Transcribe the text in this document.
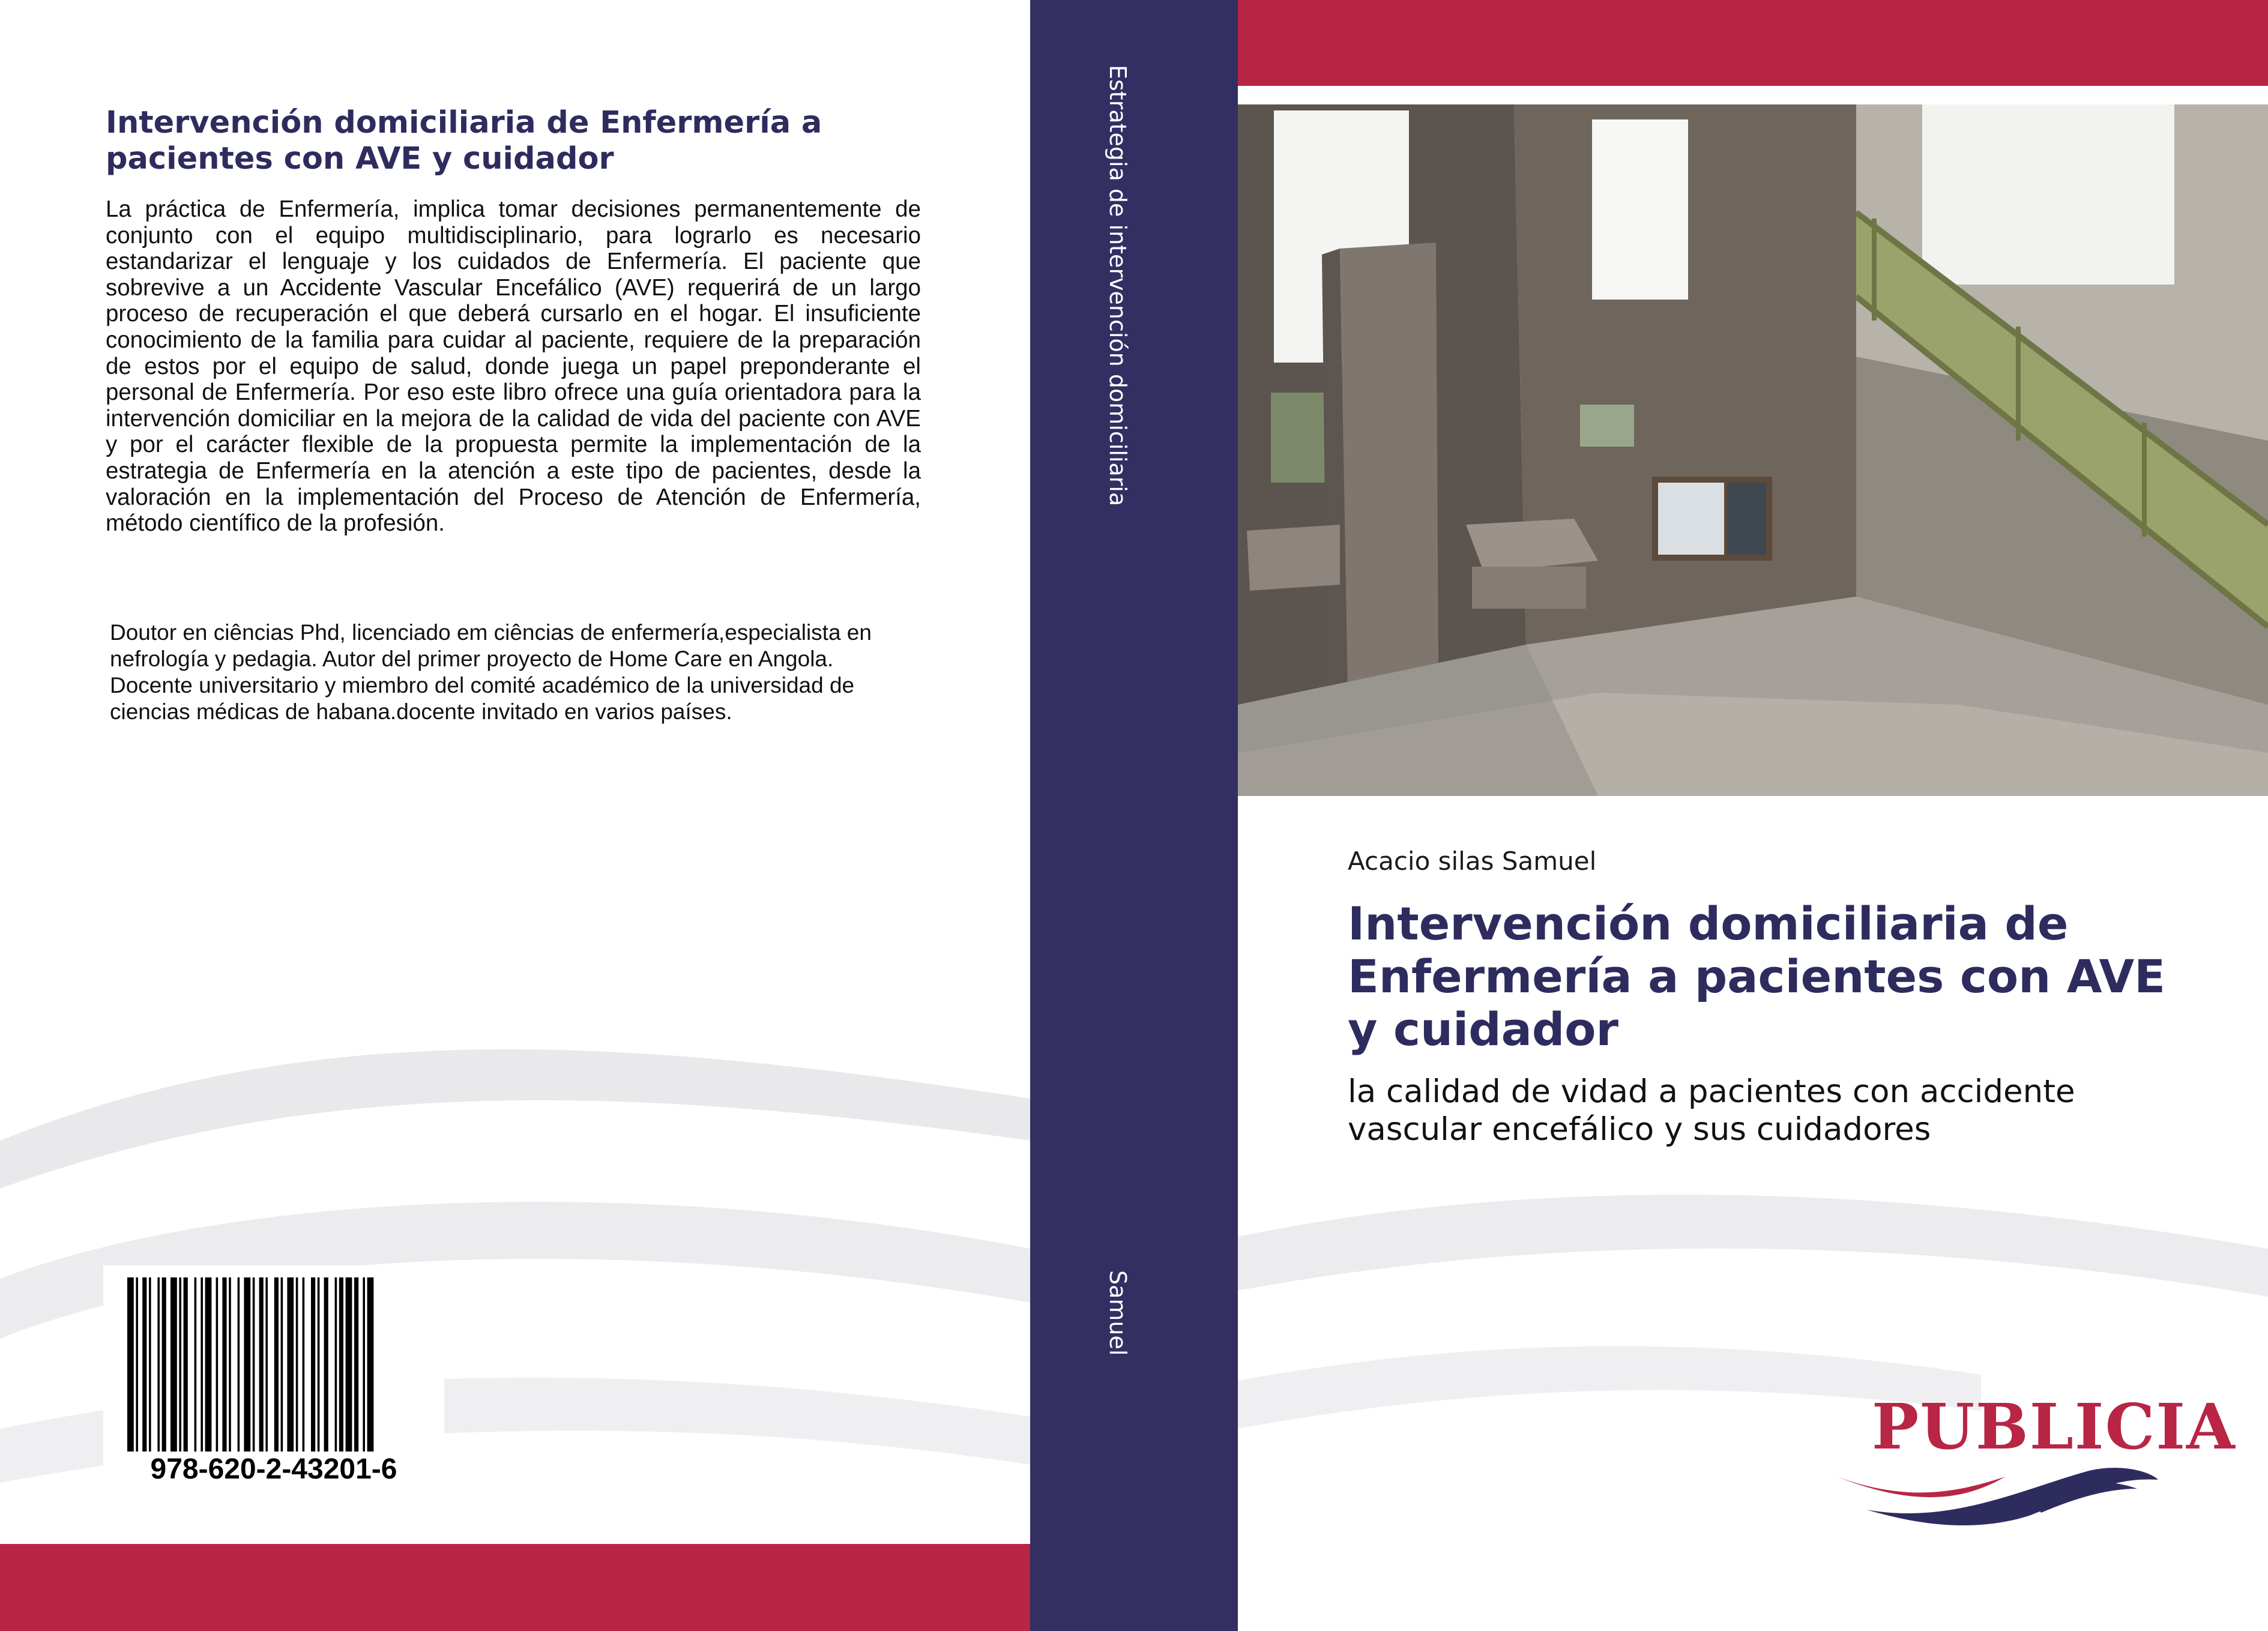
Intervención domiciliaria de Enfermería a pacientes con AVE y cuidador
La práctica de Enfermería, implica tomar decisiones permanentemente de conjunto con el equipo multidisciplinario, para lograrlo es necesario estandarizar el lenguaje y los cuidados de Enfermería. El paciente que sobrevive a un Accidente Vascular Encefálico (AVE) requerirá de un largo proceso de recuperación el que deberá cursarlo en el hogar. El insuficiente conocimiento de la familia para cuidar al paciente, requiere de la preparación de estos por el equipo de salud, donde juega un papel preponderante el personal de Enfermería. Por eso este libro ofrece una guía orientadora para la intervención domiciliar en la mejora de la calidad de vida del paciente con AVE y por el carácter flexible de la propuesta permite la implementación de la estrategia de Enfermería en la atención a este tipo de pacientes, desde la valoración en la implementación del Proceso de Atención de Enfermería, método científico de la profesión.
Doutor en ciências Phd, licenciado em ciências de enfermería,especialista en nefrología y pedagia. Autor del primer proyecto de Home Care en Angola. Docente universitario y miembro del comité académico de la universidad de ciencias médicas de habana.docente invitado en varios países.
978-620-2-43201-6
Estrategia de intervención domiciliaria
Samuel
Acacio silas Samuel
Intervención domiciliaria de Enfermería a pacientes con AVE y cuidador
la calidad de vidad a pacientes con accidente vascular encefálico y sus cuidadores
PUBLICIA
